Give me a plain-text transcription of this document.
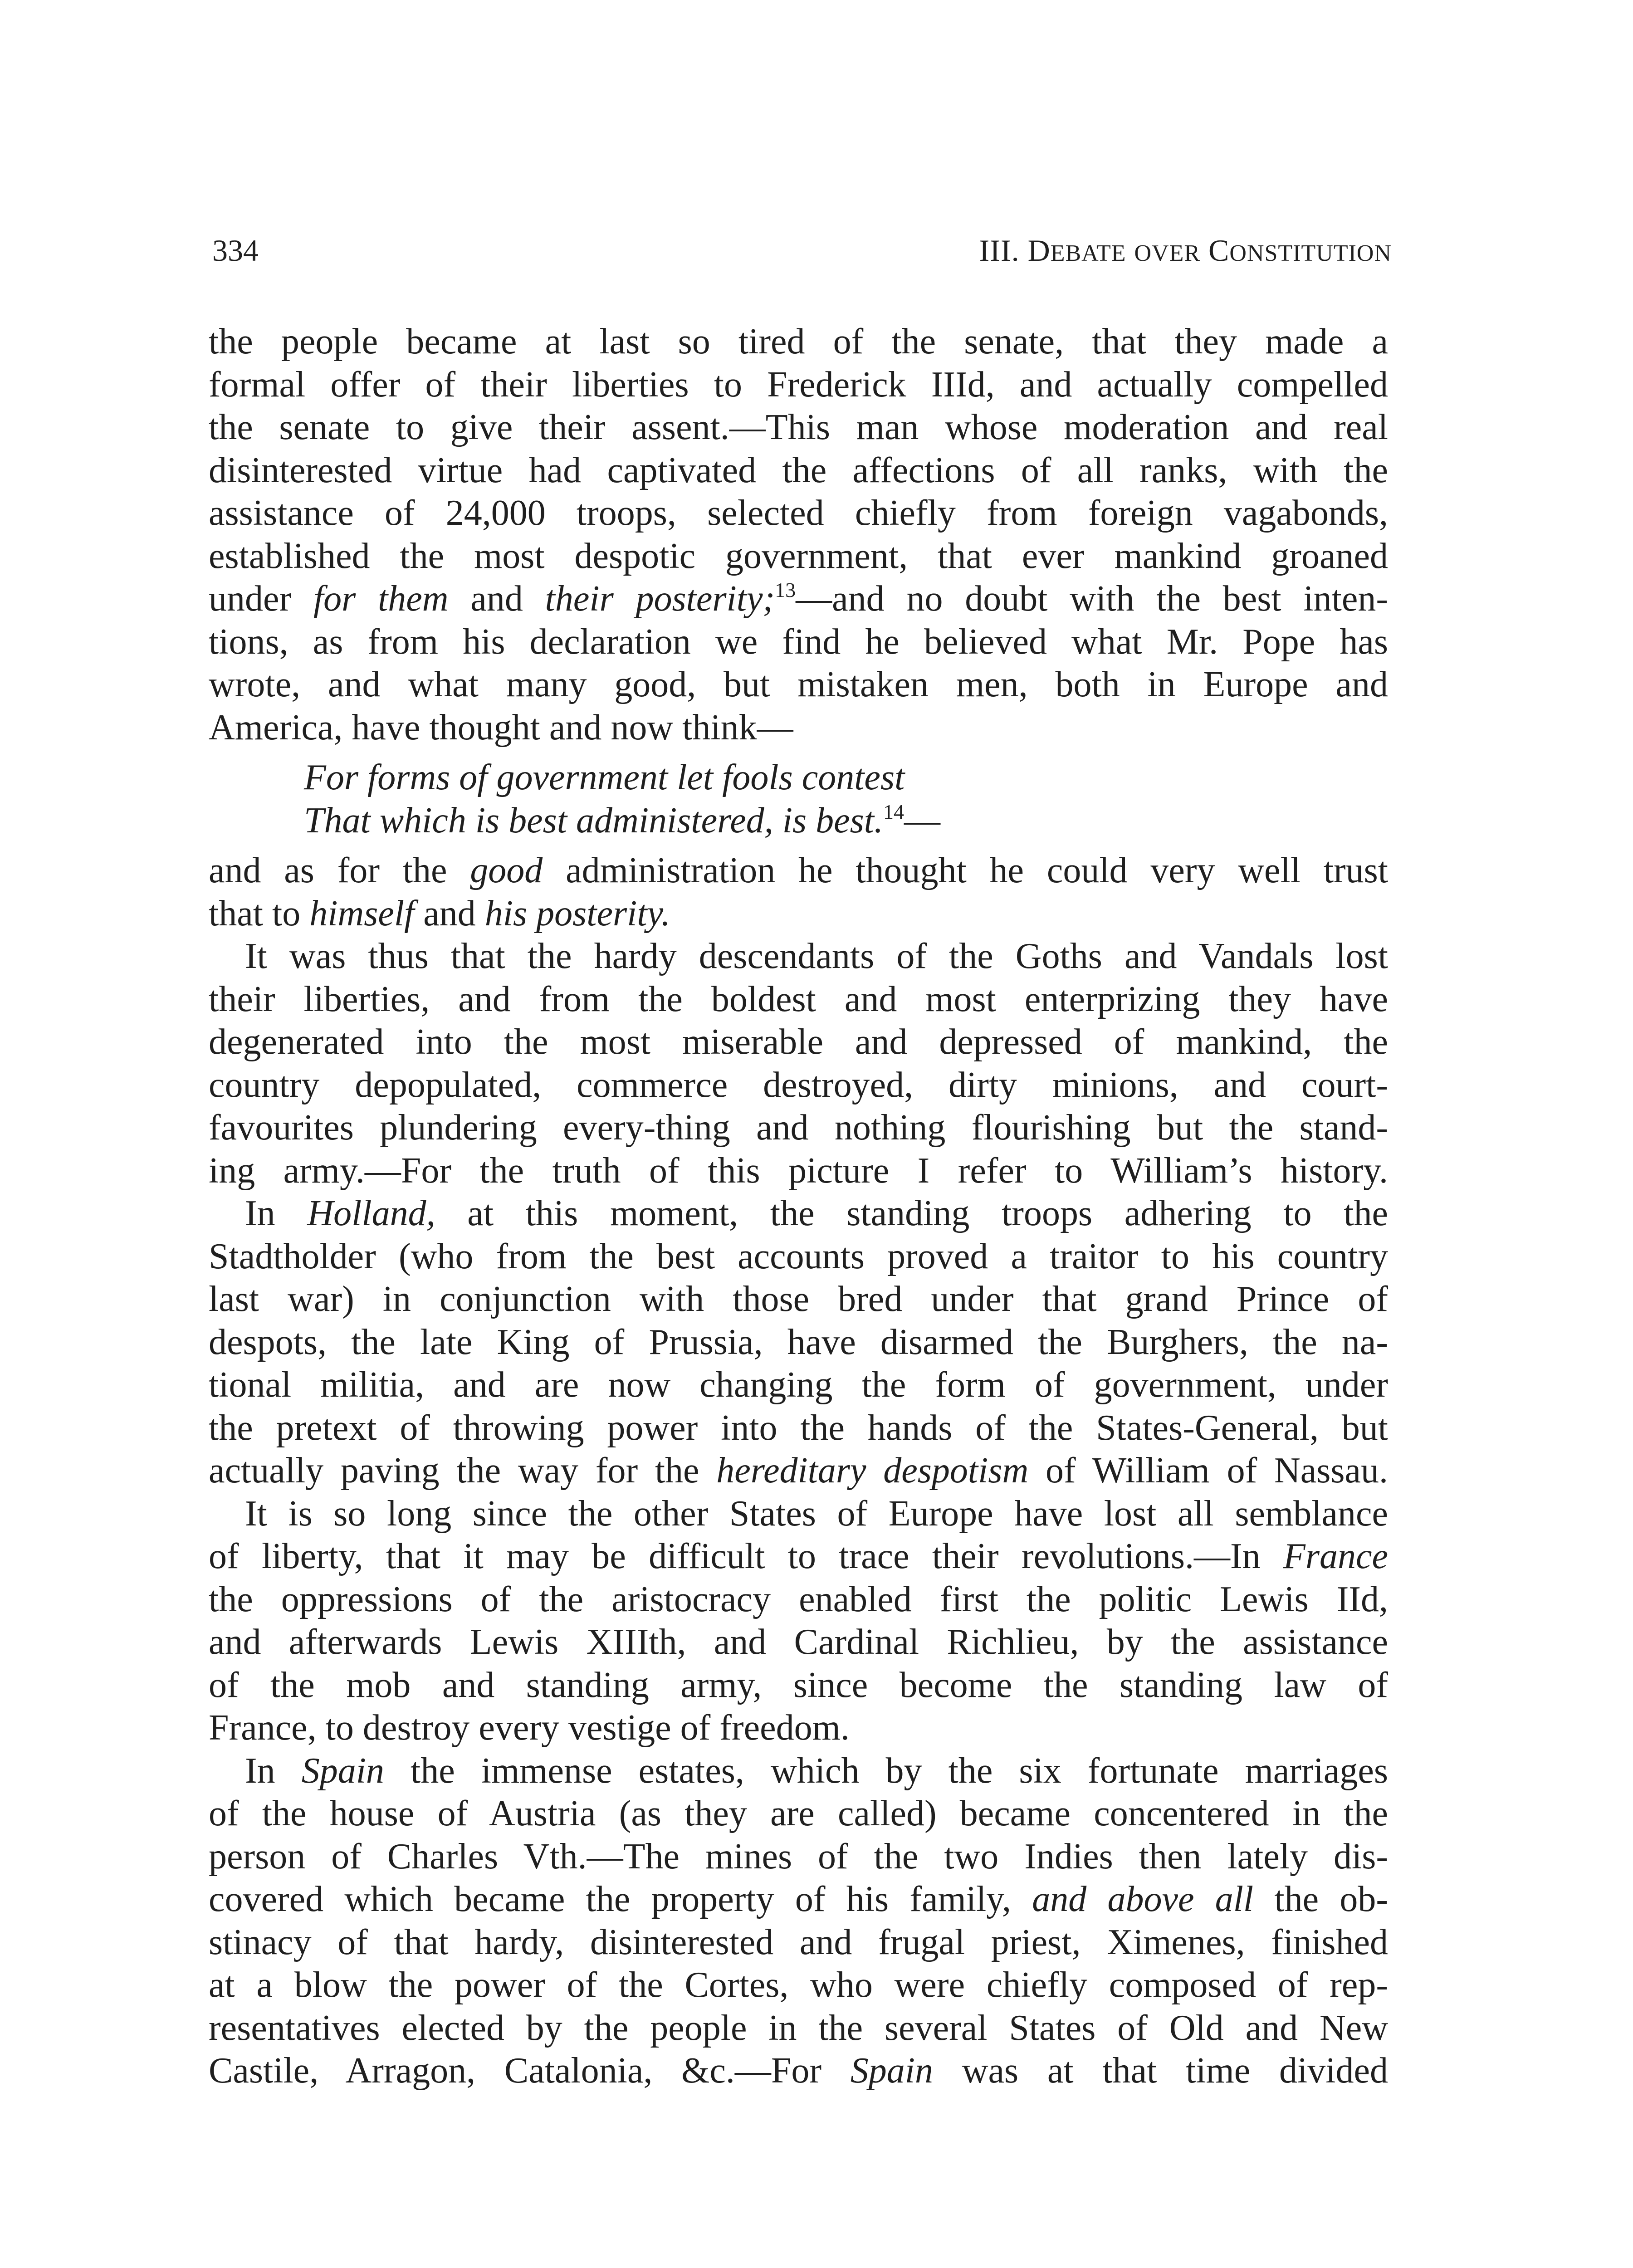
334	III. DEBATE OVER CONSTITUTION
the people became at last so tired of the senate, that they made a
formal offer of their liberties to Frederick IIId, and actually compelled
the senate to give their assent.—This man whose moderation and real
disinterested virtue had captivated the affections of all ranks, with the
assistance of 24,000 troops, selected chiefly from foreign vagabonds,
established the most despotic government, that ever mankind groaned
under for them and their posterity;$^{13}$—and no doubt with the best inten-
tions, as from his declaration we find he believed what Mr. Pope has
wrote, and what many good, but mistaken men, both in Europe and
America, have thought and now think—
For forms of government let fools contest
That which is best administered, is best.$^{14}$—
and as for the good administration he thought he could very well trust
that to himself and his posterity.
It was thus that the hardy descendants of the Goths and Vandals lost
their liberties, and from the boldest and most enterprizing they have
degenerated into the most miserable and depressed of mankind, the
country depopulated, commerce destroyed, dirty minions, and court-
favourites plundering every-thing and nothing flourishing but the stand-
ing army.—For the truth of this picture I refer to William’s history.
In Holland, at this moment, the standing troops adhering to the
Stadtholder (who from the best accounts proved a traitor to his country
last war) in conjunction with those bred under that grand Prince of
despots, the late King of Prussia, have disarmed the Burghers, the na-
tional militia, and are now changing the form of government, under
the pretext of throwing power into the hands of the States-General, but
actually paving the way for the hereditary despotism of William of Nassau.
It is so long since the other States of Europe have lost all semblance
of liberty, that it may be difficult to trace their revolutions.—In France
the oppressions of the aristocracy enabled first the politic Lewis IId,
and afterwards Lewis XIIIth, and Cardinal Richlieu, by the assistance
of the mob and standing army, since become the standing law of
France, to destroy every vestige of freedom.
In Spain the immense estates, which by the six fortunate marriages
of the house of Austria (as they are called) became concentered in the
person of Charles Vth.—The mines of the two Indies then lately dis-
covered which became the property of his family, and above all the ob-
stinacy of that hardy, disinterested and frugal priest, Ximenes, finished
at a blow the power of the Cortes, who were chiefly composed of rep-
resentatives elected by the people in the several States of Old and New
Castile, Arragon, Catalonia, &c.—For Spain was at that time divided
